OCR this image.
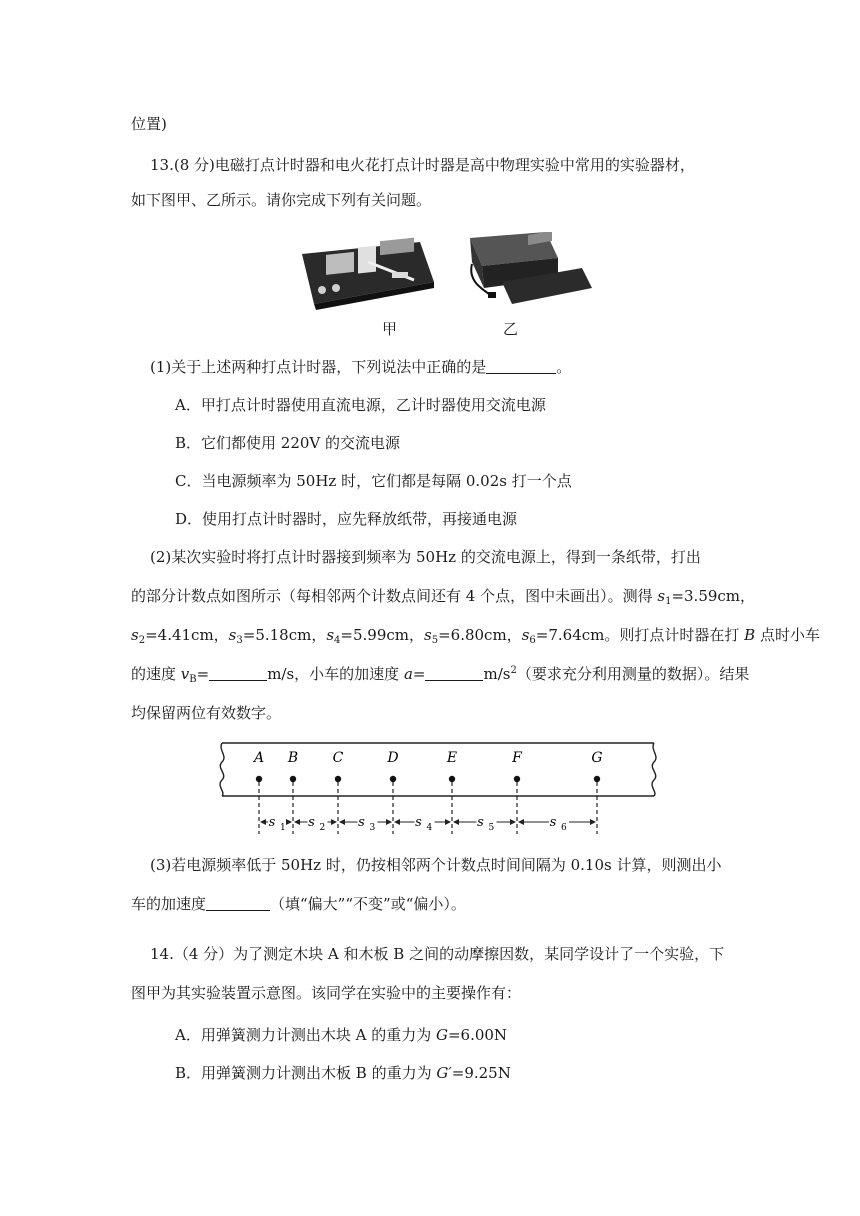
位置)
13.(8 分)电磁打点计时器和电火花打点计时器是高中物理实验中常用的实验器材，
如下图甲、乙所示。请你完成下列有关问题。
甲	乙
(1)关于上述两种打点计时器，下列说法中正确的是	。
A．甲打点计时器使用直流电源，乙计时器使用交流电源
B．它们都使用 220V 的交流电源
C．当电源频率为 50Hz 时，它们都是每隔 0.02s 打一个点
D．使用打点计时器时，应先释放纸带，再接通电源
(2)某次实验时将打点计时器接到频率为 50Hz 的交流电源上，得到一条纸带，打出
的部分计数点如图所示（每相邻两个计数点间还有 4 个点，图中未画出）。测得 $s_1=3.59cm$，
$s_2=4.41cm$，$s_3=5.18cm$，$s_4=5.99cm$，$s_5=6.80cm$，$s_6=7.64cm$。则打点计时器在打 B 点时小车
的速度 $v_B=$	m/s，小车的加速度 a=	$m/s^2$（要求充分利用测量的数据）。结果
均保留两位有效数字。
A B C	D	E	F	G
s 1 s 2	s 3	s 4	s 5	s 6
(3)若电源频率低于 50Hz 时，仍按相邻两个计数点时间间隔为 0.10s 计算，则测出小
车的加速度	（填“偏大”“不变”或“偏小）。
14.（4 分）为了测定木块 A 和木板 B 之间的动摩擦因数，某同学设计了一个实验，下
图甲为其实验装置示意图。该同学在实验中的主要操作有：
A．用弹簧测力计测出木块 A 的重力为 G=6.00N
B．用弹簧测力计测出木板 B 的重力为 G′=9.25N
